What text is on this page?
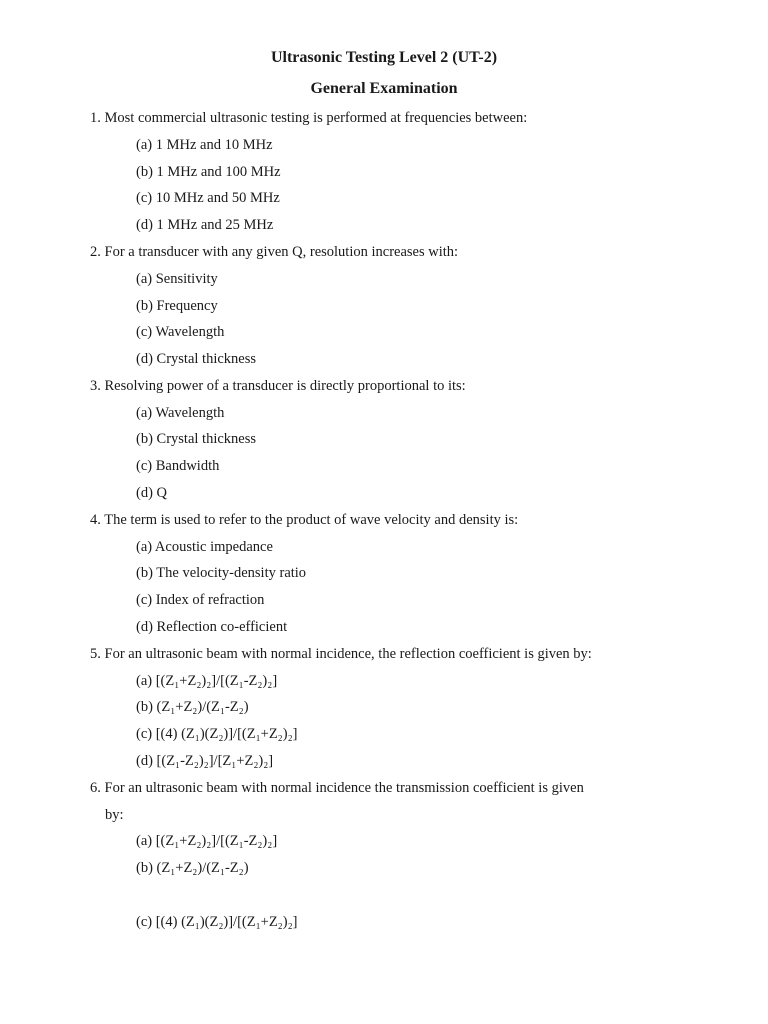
Ultrasonic Testing Level 2 (UT-2)
General Examination
1. Most commercial ultrasonic testing is performed at frequencies between:
(a) 1 MHz and 10 MHz
(b) 1 MHz and 100 MHz
(c) 10 MHz and 50 MHz
(d) 1 MHz and 25 MHz
2. For a transducer with any given Q, resolution increases with:
(a) Sensitivity
(b) Frequency
(c) Wavelength
(d) Crystal thickness
3. Resolving power of a transducer is directly proportional to its:
(a) Wavelength
(b) Crystal thickness
(c) Bandwidth
(d) Q
4. The term is used to refer to the product of wave velocity and density is:
(a) Acoustic impedance
(b) The velocity-density ratio
(c) Index of refraction
(d) Reflection co-efficient
5. For an ultrasonic beam with normal incidence, the reflection coefficient is given by:
(a) [(Z₁+Z₂)₂]/[(Z₁-Z₂)₂]
(b) (Z₁+Z₂)/(Z₁-Z₂)
(c) [(4) (Z₁)(Z₂)]/[(Z₁+Z₂)₂]
(d) [(Z₁-Z₂)₂]/[Z₁+Z₂)₂]
6. For an ultrasonic beam with normal incidence the transmission coefficient is given
by:
(a) [(Z₁+Z₂)₂]/[(Z₁-Z₂)₂]
(b) (Z₁+Z₂)/(Z₁-Z₂)
(c) [(4) (Z₁)(Z₂)]/[(Z₁+Z₂)₂]
